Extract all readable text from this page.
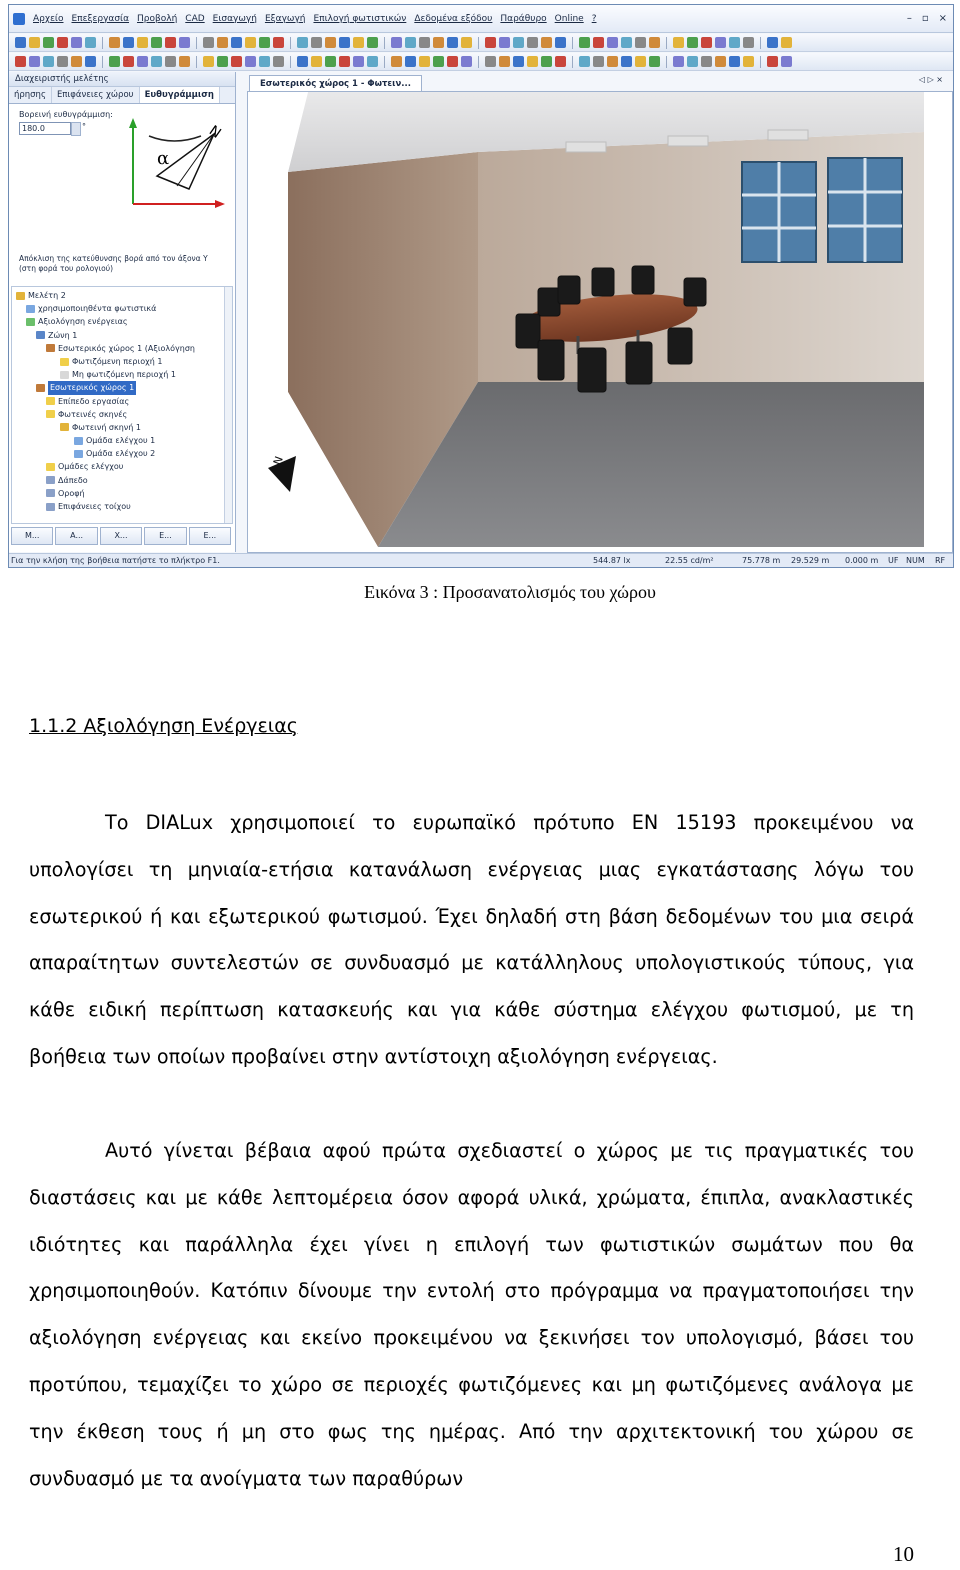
Αρχείο Επεξεργασία Προβολή CAD Εισαγωγή Εξαγωγή Επιλογή φωτιστικών Δεδομένα εξόδου Παράθυρο Online ?	– ▫ ×
Διαχειριστής μελέτης
ήρησης	Επιφάνειες χώρου	Ευθυγράμμιση
Βορεινή ευθυγράμμιση:
180.0	°
α
N
Απόκλιση της κατεύθυνσης βορά από τον άξονα Y (στη φορά του ρολογιού)
Μελέτη 2
χρησιμοποιηθέντα φωτιστικά
Αξιολόγηση ενέργειας
Ζώνη 1
Εσωτερικός χώρος 1 (Αξιολόγηση
Φωτιζόμενη περιοχή 1
Μη φωτιζόμενη περιοχή 1
Εσωτερικός χώρος 1
Επίπεδο εργασίας
Φωτεινές σκηνές
Φωτεινή σκηνή 1
Ομάδα ελέγχου 1
Ομάδα ελέγχου 2
Ομάδες ελέγχου
Δάπεδο
Οροφή
Επιφάνειες τοίχου
M...	A...	X...	E...	E...
Εσωτερικός χώρος 1 - Φωτειν...	◁ ▷ ×
N
Για την κλήση της βοήθεια πατήστε το πλήκτρο F1.	544.87 lx	22.55 cd/m²	75.778 m 29.529 m 0.000 m UF NUM RF
Εικόνα 3 : Προσανατολισμός του χώρου
1.1.2 Αξιολόγηση Ενέργειας

Το DIALux χρησιμοποιεί το ευρωπαϊκό πρότυπο EN 15193 προκειμένου να υπολογίσει τη μηνιαία-ετήσια κατανάλωση ενέργειας μιας εγκατάστασης λόγω του εσωτερικού ή και εξωτερικού φωτισμού. Έχει δηλαδή στη βάση δεδομένων του μια σειρά απαραίτητων συντελεστών σε συνδυασμό με κατάλληλους υπολογιστικούς τύπους, για κάθε ειδική περίπτωση κατασκευής και για κάθε σύστημα ελέγχου φωτισμού, με τη βοήθεια των οποίων προβαίνει στην αντίστοιχη αξιολόγηση ενέργειας.

Αυτό γίνεται βέβαια αφού πρώτα σχεδιαστεί ο χώρος με τις πραγματικές του διαστάσεις και με κάθε λεπτομέρεια όσον αφορά υλικά, χρώματα, έπιπλα, ανακλαστικές ιδιότητες και παράλληλα έχει γίνει η επιλογή των φωτιστικών σωμάτων που θα χρησιμοποιηθούν. Κατόπιν δίνουμε την εντολή στο πρόγραμμα να πραγματοποιήσει την αξιολόγηση ενέργειας και εκείνο προκειμένου να ξεκινήσει τον υπολογισμό, βάσει του προτύπου, τεμαχίζει το χώρο σε περιοχές φωτιζόμενες και μη φωτιζόμενες ανάλογα με την έκθεση τους ή μη στο φως της ημέρας. Από την αρχιτεκτονική του χώρου σε συνδυασμό με τα ανοίγματα των παραθύρων

10
